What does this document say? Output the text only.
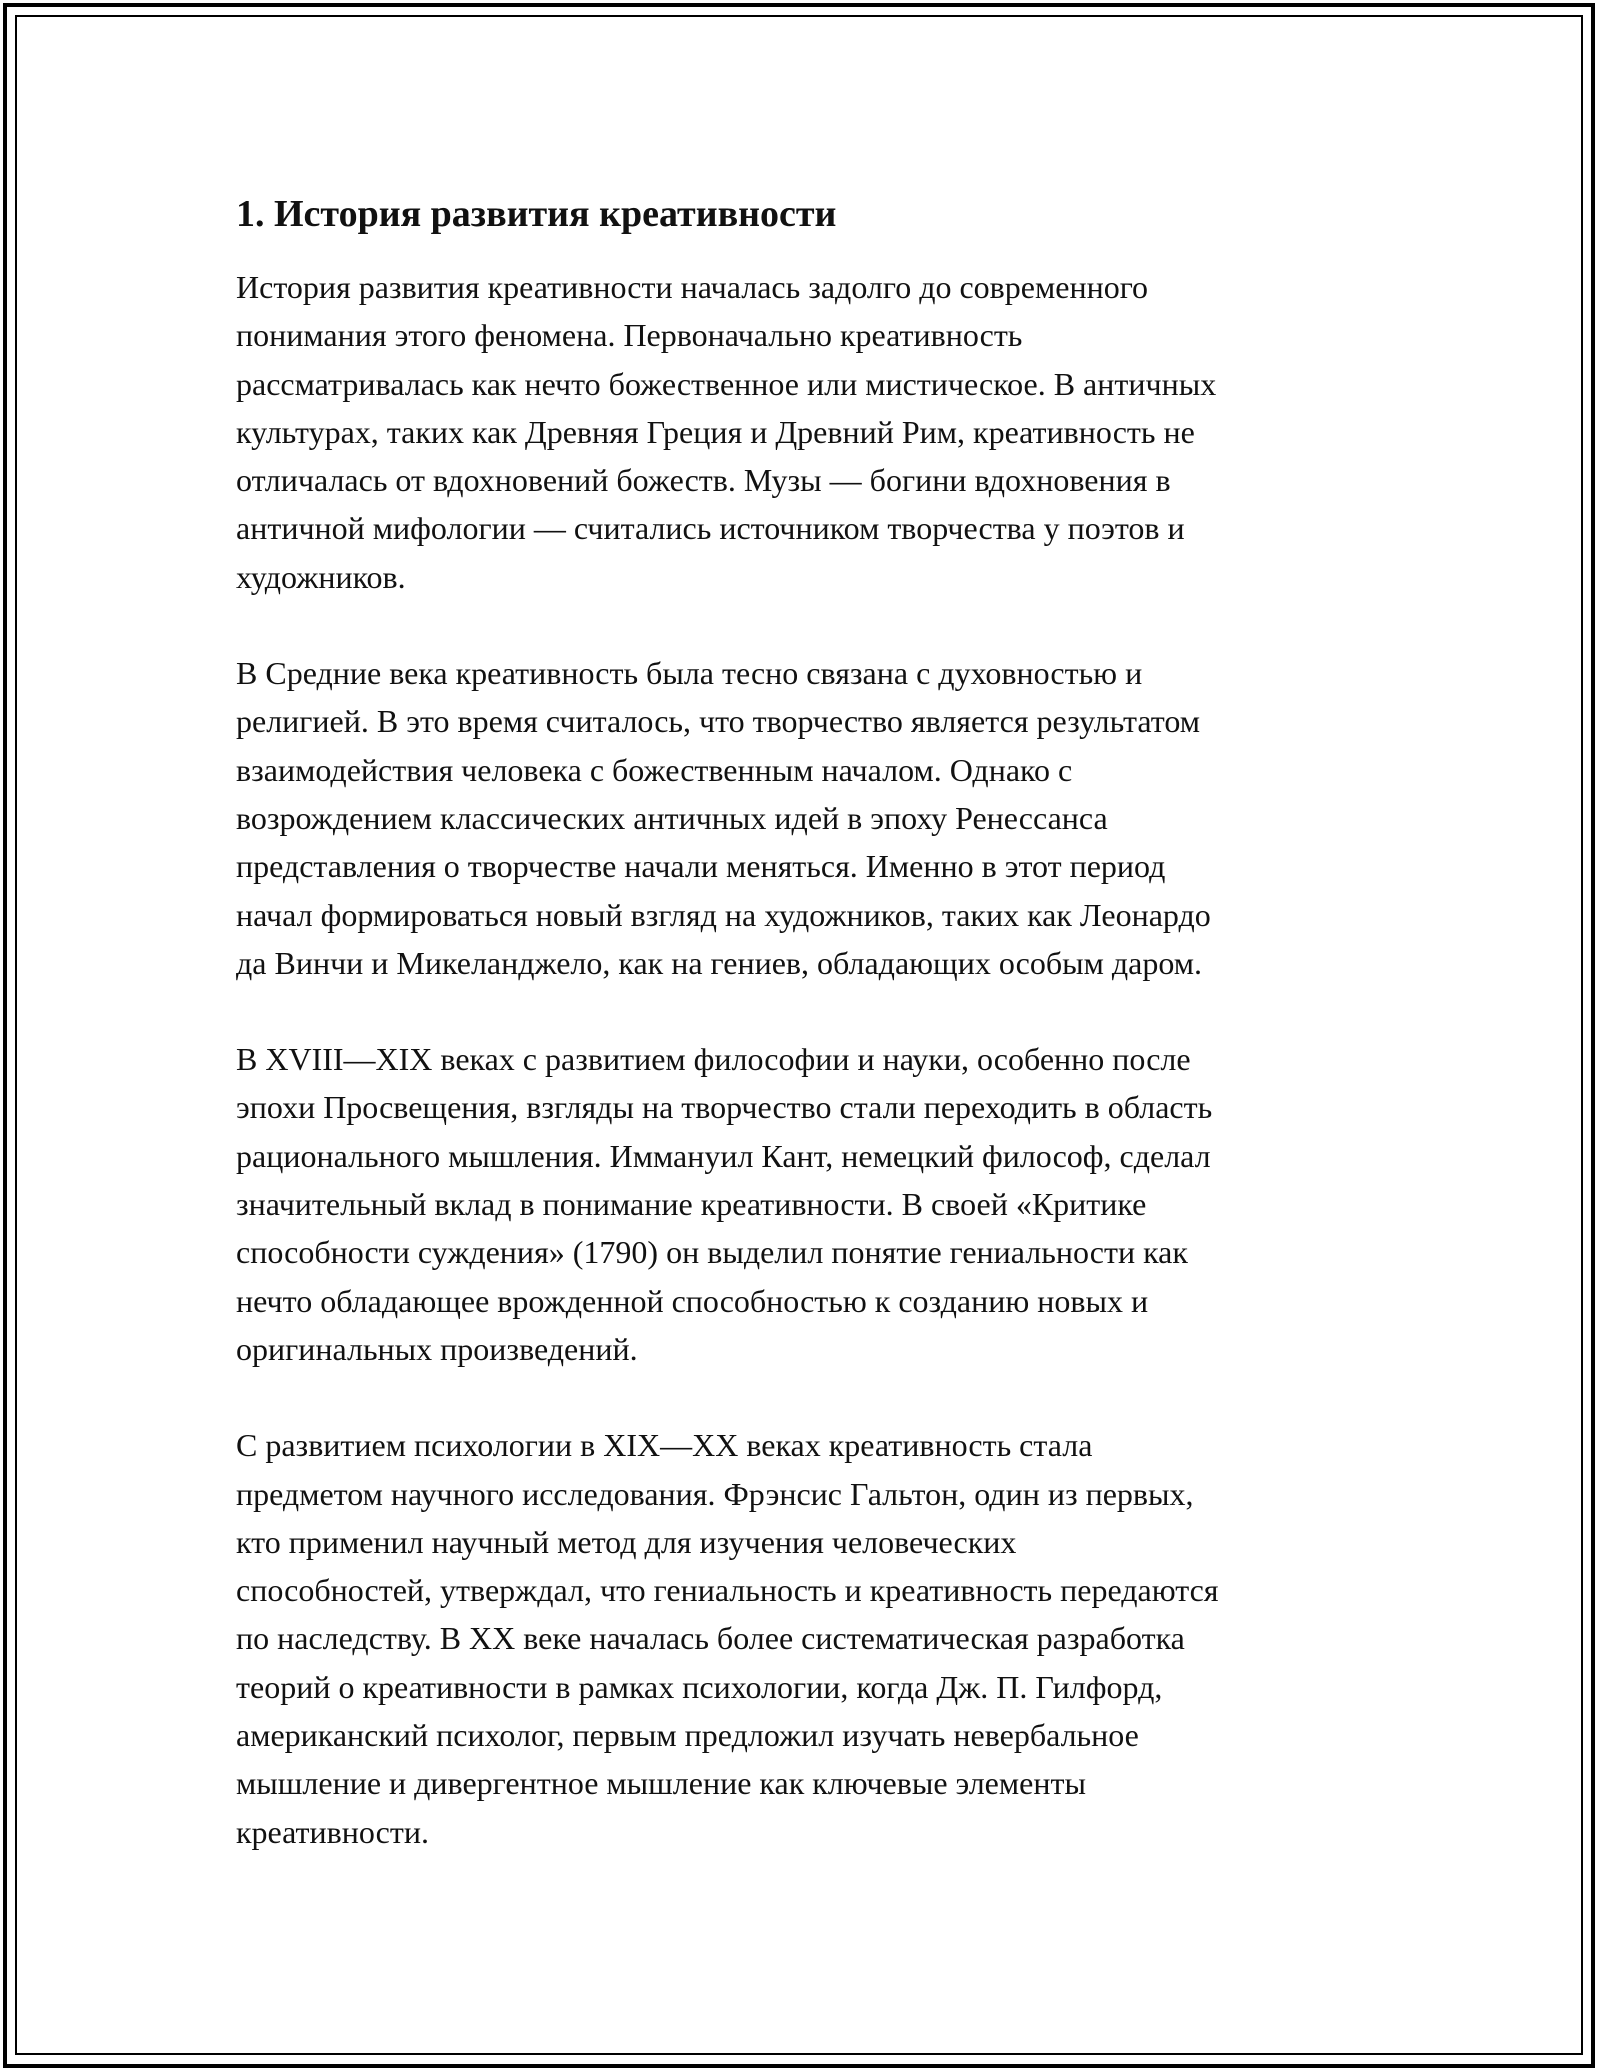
1. История развития креативности

История развития креативности началась задолго до современного
понимания этого феномена. Первоначально креативность
рассматривалась как нечто божественное или мистическое. В античных
культурах, таких как Древняя Греция и Древний Рим, креативность не
отличалась от вдохновений божеств. Музы — богини вдохновения в
античной мифологии — считались источником творчества у поэтов и
художников.

В Средние века креативность была тесно связана с духовностью и
религией. В это время считалось, что творчество является результатом
взаимодействия человека с божественным началом. Однако с
возрождением классических античных идей в эпоху Ренессанса
представления о творчестве начали меняться. Именно в этот период
начал формироваться новый взгляд на художников, таких как Леонардо
да Винчи и Микеланджело, как на гениев, обладающих особым даром.

В XVIII—XIX веках с развитием философии и науки, особенно после
эпохи Просвещения, взгляды на творчество стали переходить в область
рационального мышления. Иммануил Кант, немецкий философ, сделал
значительный вклад в понимание креативности. В своей «Критике
способности суждения» (1790) он выделил понятие гениальности как
нечто обладающее врожденной способностью к созданию новых и
оригинальных произведений.

С развитием психологии в XIX—XX веках креативность стала
предметом научного исследования. Фрэнсис Гальтон, один из первых,
кто применил научный метод для изучения человеческих
способностей, утверждал, что гениальность и креативность передаются
по наследству. В XX веке началась более систематическая разработка
теорий о креативности в рамках психологии, когда Дж. П. Гилфорд,
американский психолог, первым предложил изучать невербальное
мышление и дивергентное мышление как ключевые элементы
креативности.
